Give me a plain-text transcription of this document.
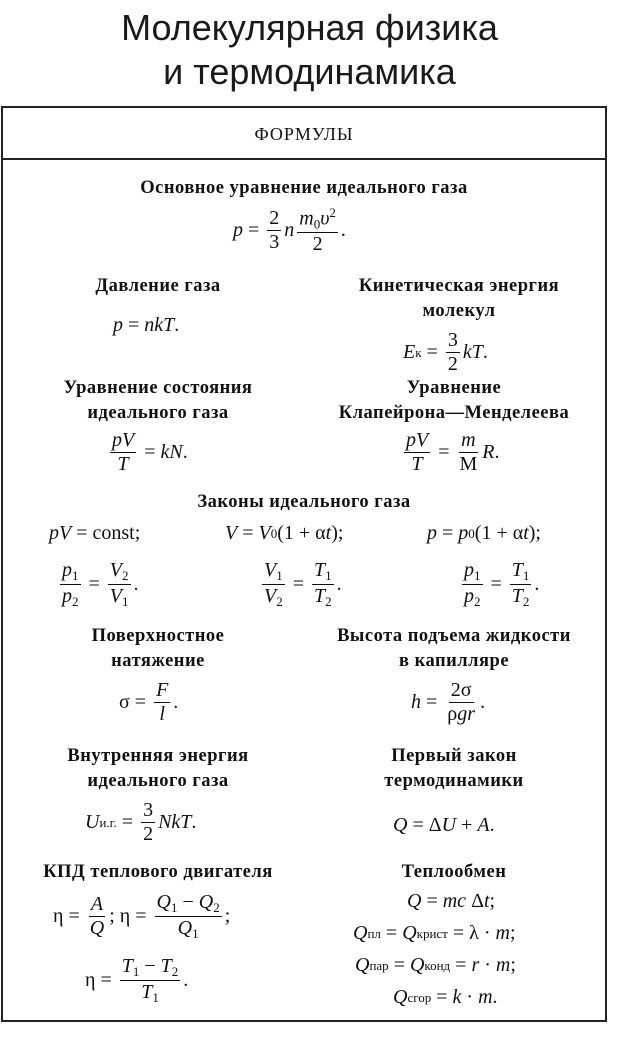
Молекулярная физика
и термодинамика
ФОРМУЛЫ
Основное уравнение идеального газа
$p = \frac{2}{3}$ n $\frac{m_0\upsilon^2}{2}$ .
Давление газа
p = nkT .
Кинетическая энергия
молекул
E $к = \frac{3}{2}$ kT .
Уравнение состояния
идеального газа
$\frac{pV}{T}$ = kN .
Уравнение
Клапейрона—Менделеева
$\frac{pV}{T} = \frac{m}{M}$ R .
Законы идеального газа
pV = const ;	V = V 0 (1 + α t );	p = p 0 (1 + α t );
$\frac{p_1}{p_2} = \frac{V_2}{V_1}$ .	$\frac{V_1}{V_2} = \frac{T_1}{T_2}$ .	$\frac{p_1}{p_2} = \frac{T_1}{T_2}$ .
Поверхностное
натяжение
$\sigma = \frac{F}{l}$ .
Высота подъема жидкости
в капилляре
$h = \frac{2\sigma}{\text{ρgr}}$ .
Внутренняя энергия
идеального газа
U и.г. = $\frac{3}{2}$ NkT .
Первый закон
термодинамики
Q = Δ U + A .
КПД теплового двигателя
$\eta = \frac{A}{Q}$ ; $\eta = \frac{Q_1 - Q_2}{Q_1}$ ;
$\eta = \frac{T_1 - T_2}{T_1}$ .
Теплообмен
Q = mc Δ t ;
Q пл = Q крист = λ · m ;
Q пар = Q конд = r · m ;
Q сгор = k · m .
